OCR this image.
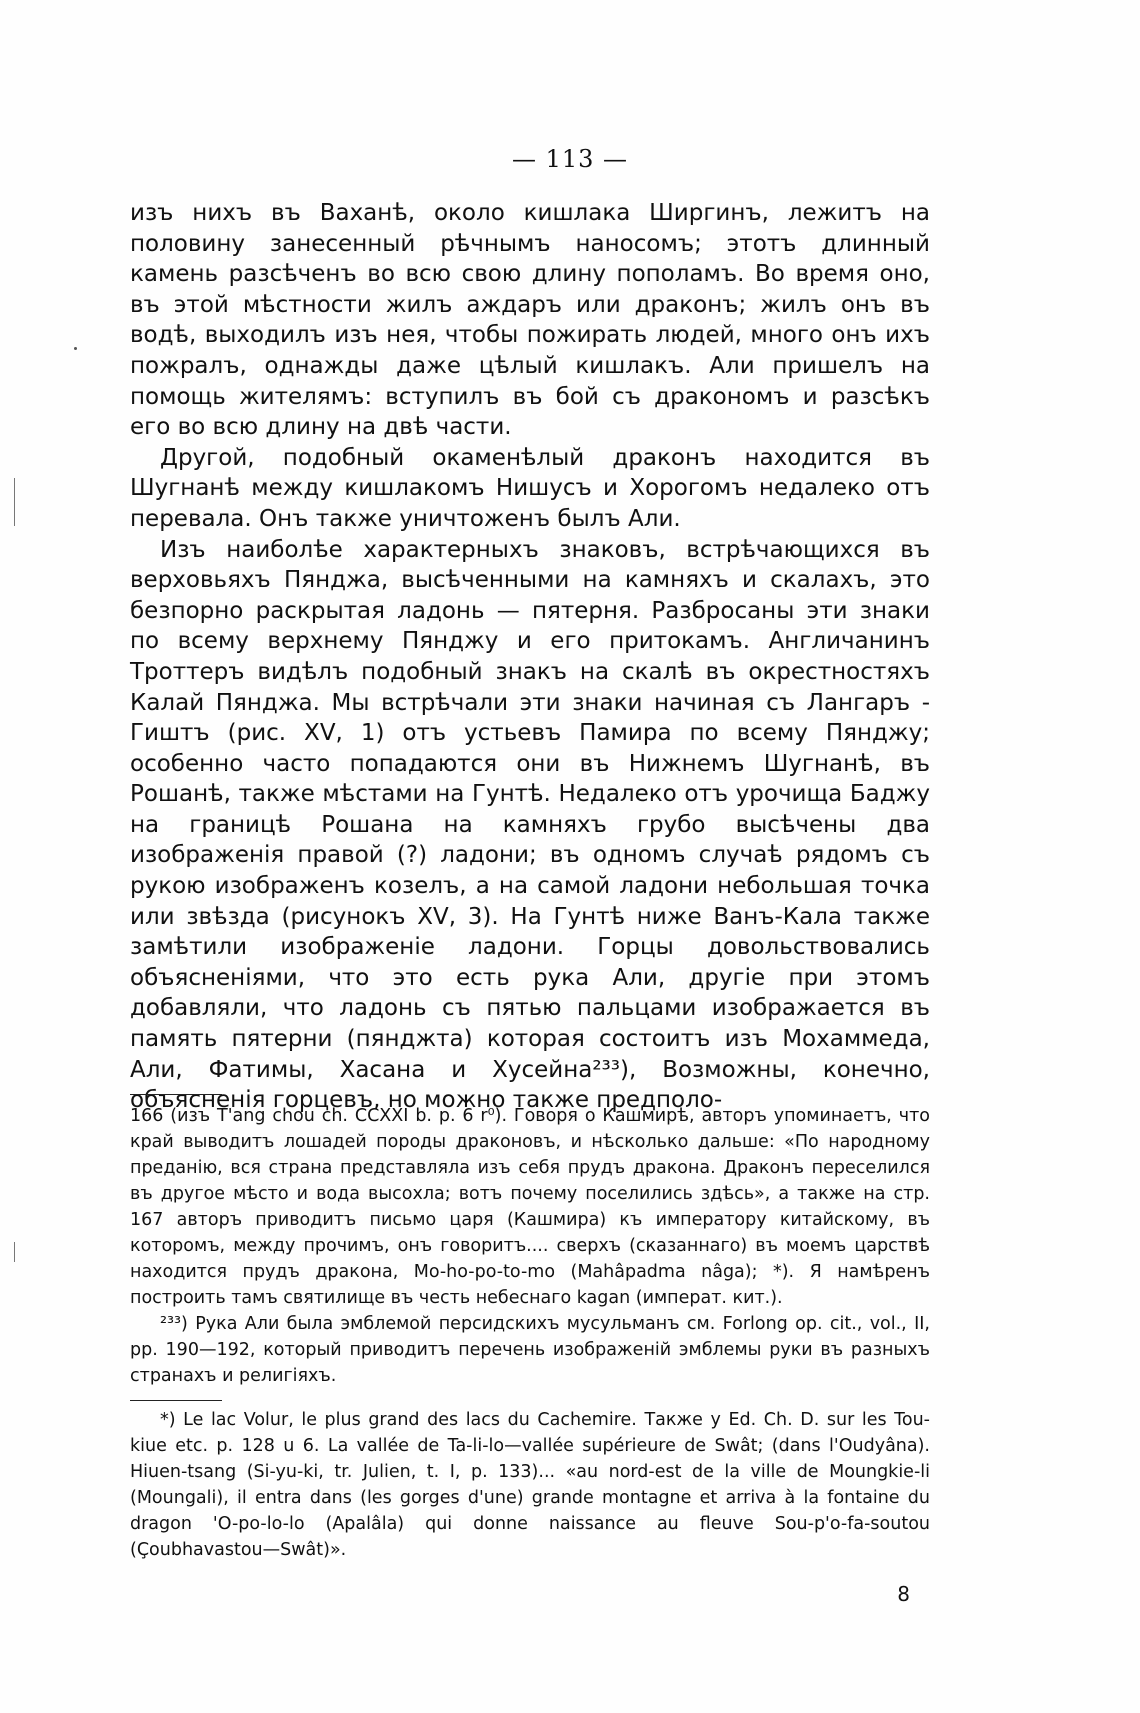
— 113 —

изъ нихъ въ Ваханѣ, около кишлака Ширгинъ, лежитъ на половину занесенный рѣчнымъ наносомъ; этотъ длинный камень разсѣченъ во всю свою длину пополамъ. Во время оно, въ этой мѣстности жилъ аждаръ или драконъ; жилъ онъ въ водѣ, выходилъ изъ нея, чтобы пожирать людей, много онъ ихъ пожралъ, однажды даже цѣлый кишлакъ. Али пришелъ на помощь жителямъ: вступилъ въ бой съ дракономъ и разсѣкъ его во всю длину на двѣ части.

Другой, подобный окаменѣлый драконъ находится въ Шугнанѣ между кишлакомъ Нишусъ и Хорогомъ недалеко отъ перевала. Онъ также уничтоженъ былъ Али.

Изъ наиболѣе характерныхъ знаковъ, встрѣчающихся въ верховьяхъ Пянджа, высѣченными на камняхъ и скалахъ, это безпорно раскрытая ладонь — пятерня. Разбросаны эти знаки по всему верхнему Пянджу и его притокамъ. Англичанинъ Троттеръ видѣлъ подобный знакъ на скалѣ въ окрестностяхъ Калай Пянджа. Мы встрѣчали эти знаки начиная съ Лангаръ - Гиштъ (рис. XV, 1) отъ устьевъ Памира по всему Пянджу; особенно часто попадаются они въ Нижнемъ Шугнанѣ, въ Рошанѣ, также мѣстами на Гунтѣ. Недалеко отъ урочища Баджу на границѣ Рошана на камняхъ грубо высѣчены два изображенія правой (?) ладони; въ одномъ случаѣ рядомъ съ рукою изображенъ козелъ, а на самой ладони небольшая точка или звѣзда (рисунокъ XV, 3). На Гунтѣ ниже Ванъ-Кала также замѣтили изображеніе ладони. Горцы довольствовались объясненіями, что это есть рука Али, другіе при этомъ добавляли, что ладонь съ пятью пальцами изображается въ память пятерни (пянджта) которая состоитъ изъ Мохаммеда, Али, Фатимы, Хасана и Хусейна²³³), Возможны, конечно, объясненія горцевъ, но можно также предполо-

166 (изъ T'ang chou ch. CCXXI b. p. 6 r⁰). Говоря о Кашмирѣ, авторъ упоминаетъ, что край выводитъ лошадей породы драконовъ, и нѣсколько дальше: «По народному преданію, вся страна представляла изъ себя прудъ дракона. Драконъ переселился въ другое мѣсто и вода высохла; вотъ почему поселились здѣсь», а также на стр. 167 авторъ приводитъ письмо царя (Кашмира) къ императору китайскому, въ которомъ, между прочимъ, онъ говоритъ.... сверхъ (сказаннаго) въ моемъ царствѣ находится прудъ дракона, Mo-ho-po-to-mo (Mahâpadma nâga); *). Я намѣренъ построить тамъ святилище въ честь небеснаго kagan (императ. кит.).

²³³) Рука Али была эмблемой персидскихъ мусульманъ см. Forlong op. cit., vol., II, pp. 190—192, который приводитъ перечень изображеній эмблемы руки въ разныхъ странахъ и религіяхъ.

*) Le lac Volur, le plus grand des lacs du Cachemire. Также у Ed. Ch. D. sur les Tou-kiue etc. p. 128 u 6. La vallée de Ta-li-lo—vallée supérieure de Swât; (dans l'Oudyâna). Hiuen-tsang (Si-yu-ki, tr. Julien, t. I, p. 133)... «au nord-est de la ville de Moungkie-li (Moungali), il entra dans (les gorges d'une) grande montagne et arriva à la fontaine du dragon 'O-po-lo-lo (Apalâla) qui donne naissance au fleuve Sou-p'o-fa-soutou (Çoubhavastou—Swât)».

8
